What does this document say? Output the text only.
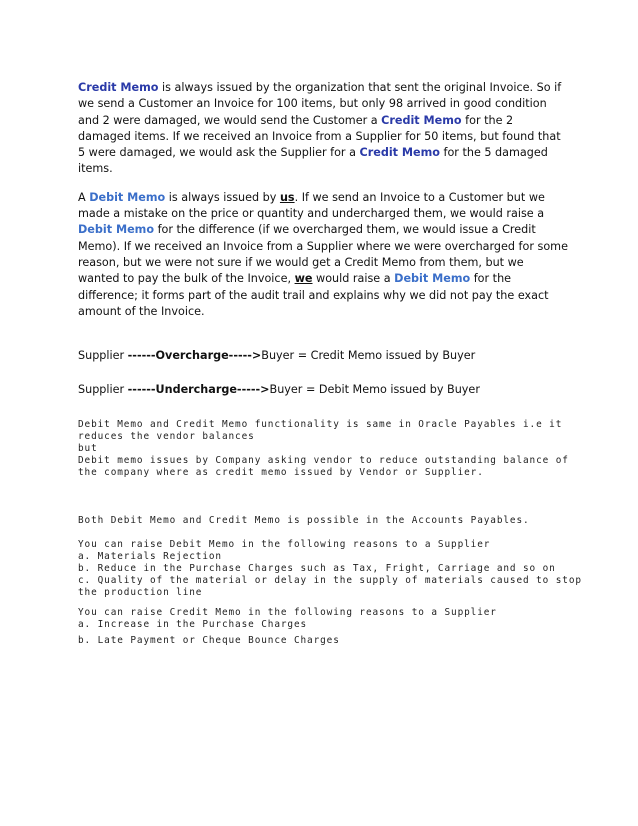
Credit Memo is always issued by the organization that sent the original Invoice. So if we send a Customer an Invoice for 100 items, but only 98 arrived in good condition and 2 were damaged, we would send the Customer a Credit Memo for the 2 damaged items. If we received an Invoice from a Supplier for 50 items, but found that 5 were damaged, we would ask the Supplier for a Credit Memo for the 5 damaged items.

A Debit Memo is always issued by us. If we send an Invoice to a Customer but we made a mistake on the price or quantity and undercharged them, we would raise a Debit Memo for the difference (if we overcharged them, we would issue a Credit Memo). If we received an Invoice from a Supplier where we were overcharged for some reason, but we were not sure if we would get a Credit Memo from them, but we wanted to pay the bulk of the Invoice, we would raise a Debit Memo for the difference; it forms part of the audit trail and explains why we did not pay the exact amount of the Invoice.

Supplier ------Overcharge----->Buyer = Credit Memo issued by Buyer

Supplier ------Undercharge----->Buyer = Debit Memo issued by Buyer

Debit Memo and Credit Memo functionality is same in Oracle Payables i.e it
reduces the vendor balances
but
Debit memo issues by Company asking vendor to reduce outstanding balance of
the company where as credit memo issued by Vendor or Supplier.

Both Debit Memo and Credit Memo is possible in the Accounts Payables.

You can raise Debit Memo in the following reasons to a Supplier
a. Materials Rejection
b. Reduce in the Purchase Charges such as Tax, Fright, Carriage and so on
c. Quality of the material or delay in the supply of materials caused to stop
the production line

You can raise Credit Memo in the following reasons to a Supplier
a. Increase in the Purchase Charges

b. Late Payment or Cheque Bounce Charges
